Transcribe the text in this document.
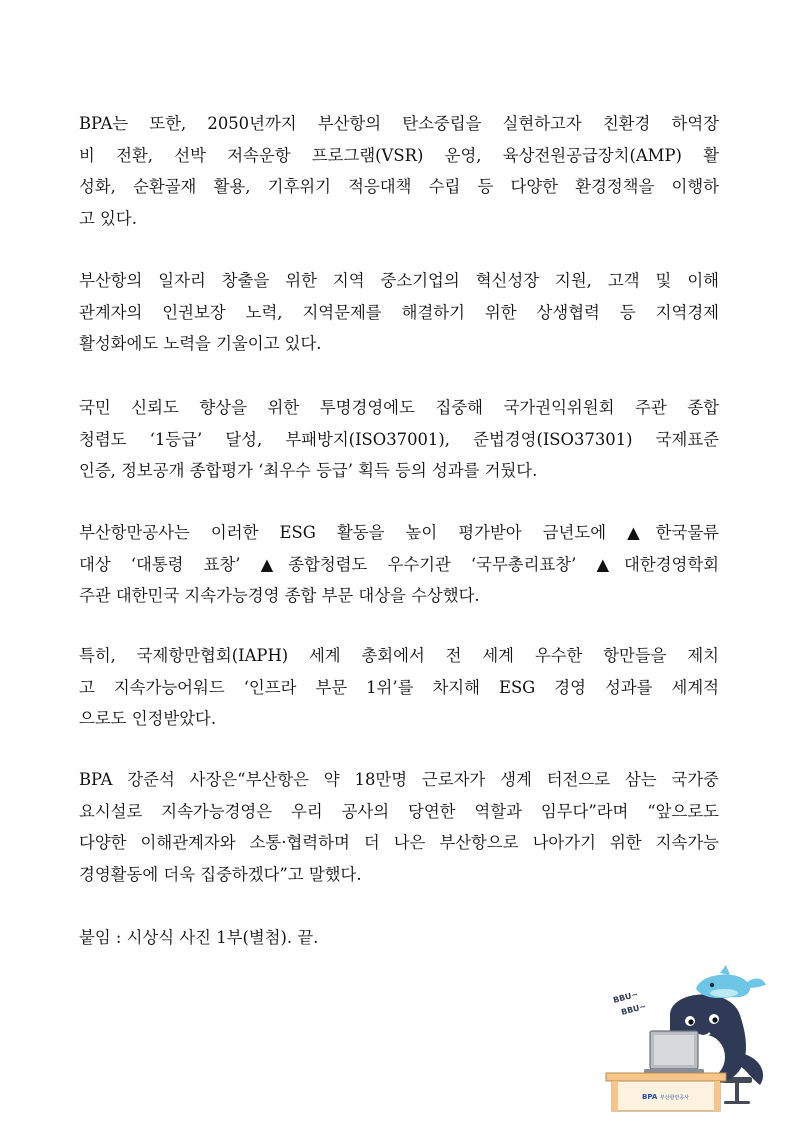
BPA는 또한, 2050년까지 부산항의 탄소중립을 실현하고자 친환경 하역장
비 전환, 선박 저속운항 프로그램(VSR) 운영, 육상전원공급장치(AMP) 활
성화, 순환골재 활용, 기후위기 적응대책 수립 등 다양한 환경정책을 이행하
고 있다.

부산항의 일자리 창출을 위한 지역 중소기업의 혁신성장 지원, 고객 및 이해
관계자의 인권보장 노력, 지역문제를 해결하기 위한 상생협력 등 지역경제
활성화에도 노력을 기울이고 있다.

국민 신뢰도 향상을 위한 투명경영에도 집중해 국가권익위원회 주관 종합
청렴도 ‘1등급’ 달성, 부패방지(ISO37001), 준법경영(ISO37301) 국제표준
인증, 정보공개 종합평가 ‘최우수 등급’ 획득 등의 성과를 거뒀다.

부산항만공사는 이러한 ESG 활동을 높이 평가받아 금년도에 ▲한국물류
대상 ‘대통령 표창’ ▲종합청렴도 우수기관 ‘국무총리표창’ ▲대한경영학회
주관 대한민국 지속가능경영 종합 부문 대상을 수상했다.

특히, 국제항만협회(IAPH) 세계 총회에서 전 세계 우수한 항만들을 제치
고 지속가능어워드 ‘인프라 부문 1위’를 차지해 ESG 경영 성과를 세계적
으로도 인정받았다.

BPA 강준석 사장은“부산항은 약 18만명 근로자가 생계 터전으로 삼는 국가중
요시설로 지속가능경영은 우리 공사의 당연한 역할과 임무다”라며 “앞으로도
다양한 이해관계자와 소통·협력하며 더 나은 부산항으로 나아가기 위한 지속가능
경영활동에 더욱 집중하겠다”고 말했다.

붙임 : 시상식 사진 1부(별첨). 끝.

BBU~
BBU~
BPA 부산항만공사
